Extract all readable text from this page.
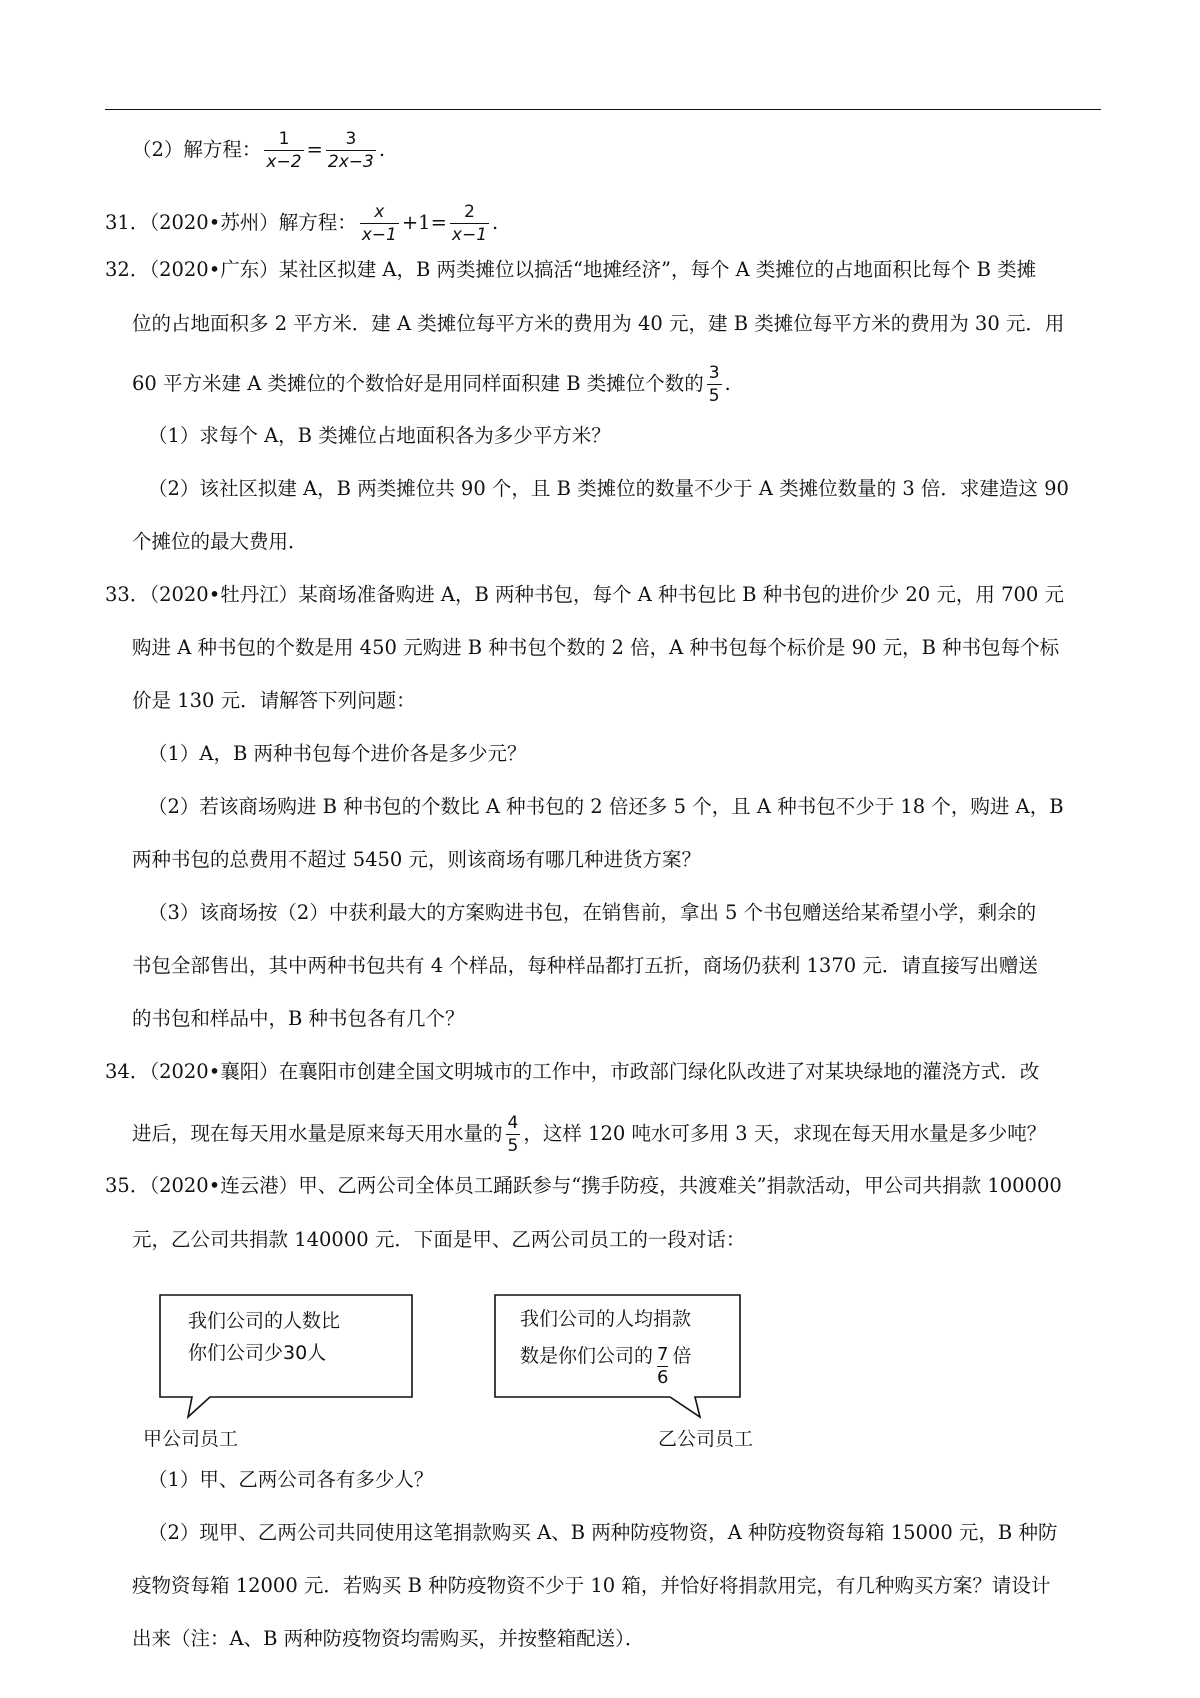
（2）解方程： $\frac{1}{x-2} = \frac{3}{2x-3}$ .
31．（2020•苏州）解方程： $\frac{x}{x-1} +1= \frac{2}{x-1}$ .
32．（2020•广东）某社区拟建 A，B 两类摊位以搞活“地摊经济”，每个 A 类摊位的占地面积比每个 B 类摊
位的占地面积多 2 平方米．建 A 类摊位每平方米的费用为 40 元，建 B 类摊位每平方米的费用为 30 元．用
60 平方米建 A 类摊位的个数恰好是用同样面积建 B 类摊位个数的 $\frac{3}{5}$ .
（1）求每个 A，B 类摊位占地面积各为多少平方米？
（2）该社区拟建 A，B 两类摊位共 90 个，且 B 类摊位的数量不少于 A 类摊位数量的 3 倍．求建造这 90
个摊位的最大费用．
33．（2020•牡丹江）某商场准备购进 A，B 两种书包，每个 A 种书包比 B 种书包的进价少 20 元，用 700 元
购进 A 种书包的个数是用 450 元购进 B 种书包个数的 2 倍，A 种书包每个标价是 90 元，B 种书包每个标
价是 130 元．请解答下列问题：
（1）A，B 两种书包每个进价各是多少元？
（2）若该商场购进 B 种书包的个数比 A 种书包的 2 倍还多 5 个，且 A 种书包不少于 18 个，购进 A，B
两种书包的总费用不超过 5450 元，则该商场有哪几种进货方案？
（3）该商场按（2）中获利最大的方案购进书包，在销售前，拿出 5 个书包赠送给某希望小学，剩余的
书包全部售出，其中两种书包共有 4 个样品，每种样品都打五折，商场仍获利 1370 元．请直接写出赠送
的书包和样品中，B 种书包各有几个？
34．（2020•襄阳）在襄阳市创建全国文明城市的工作中，市政部门绿化队改进了对某块绿地的灌浇方式．改
进后，现在每天用水量是原来每天用水量的 $\frac{4}{5}$ ，这样 120 吨水可多用 3 天，求现在每天用水量是多少吨？
35．（2020•连云港）甲、乙两公司全体员工踊跃参与“携手防疫，共渡难关”捐款活动，甲公司共捐款 100000
元，乙公司共捐款 140000 元．下面是甲、乙两公司员工的一段对话：
我们公司的人数比
你们公司少30人
甲公司员工
我们公司的人均捐款
数是你们公司的 $\frac{7}{6}$ 倍
乙公司员工
（1）甲、乙两公司各有多少人？
（2）现甲、乙两公司共同使用这笔捐款购买 A、B 两种防疫物资，A 种防疫物资每箱 15000 元，B 种防
疫物资每箱 12000 元．若购买 B 种防疫物资不少于 10 箱，并恰好将捐款用完，有几种购买方案？请设计
出来（注：A、B 两种防疫物资均需购买，并按整箱配送）．
